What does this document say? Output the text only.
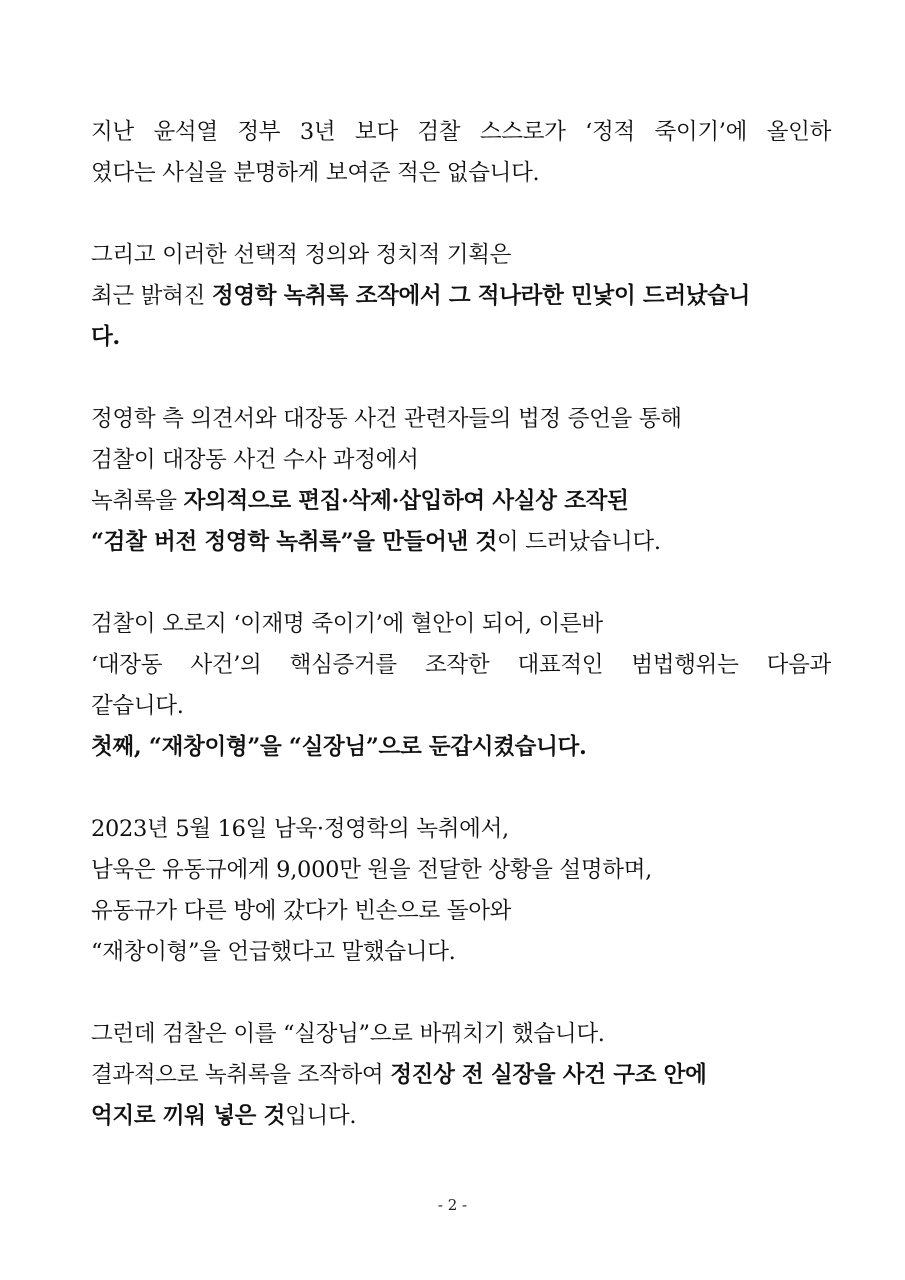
지난 윤석열 정부 3년 보다 검찰 스스로가 ‘정적 죽이기’에 올인하
였다는 사실을 분명하게 보여준 적은 없습니다.
그리고 이러한 선택적 정의와 정치적 기획은
최근 밝혀진 정영학 녹취록 조작에서 그 적나라한 민낯이 드러났습니
다.
정영학 측 의견서와 대장동 사건 관련자들의 법정 증언을 통해
검찰이 대장동 사건 수사 과정에서
녹취록을 자의적으로 편집·삭제·삽입하여 사실상 조작된
“검찰 버전 정영학 녹취록”을 만들어낸 것이 드러났습니다.
검찰이 오로지 ‘이재명 죽이기’에 혈안이 되어, 이른바
‘대장동 사건’의 핵심증거를 조작한 대표적인 범법행위는 다음과
같습니다.
첫째, “재창이형”을 “실장님”으로 둔갑시켰습니다.
2023년 5월 16일 남욱·정영학의 녹취에서,
남욱은 유동규에게 9,000만 원을 전달한 상황을 설명하며,
유동규가 다른 방에 갔다가 빈손으로 돌아와
“재창이형”을 언급했다고 말했습니다.
그런데 검찰은 이를 “실장님”으로 바꿔치기 했습니다.
결과적으로 녹취록을 조작하여 정진상 전 실장을 사건 구조 안에
억지로 끼워 넣은 것입니다.
- 2 -
